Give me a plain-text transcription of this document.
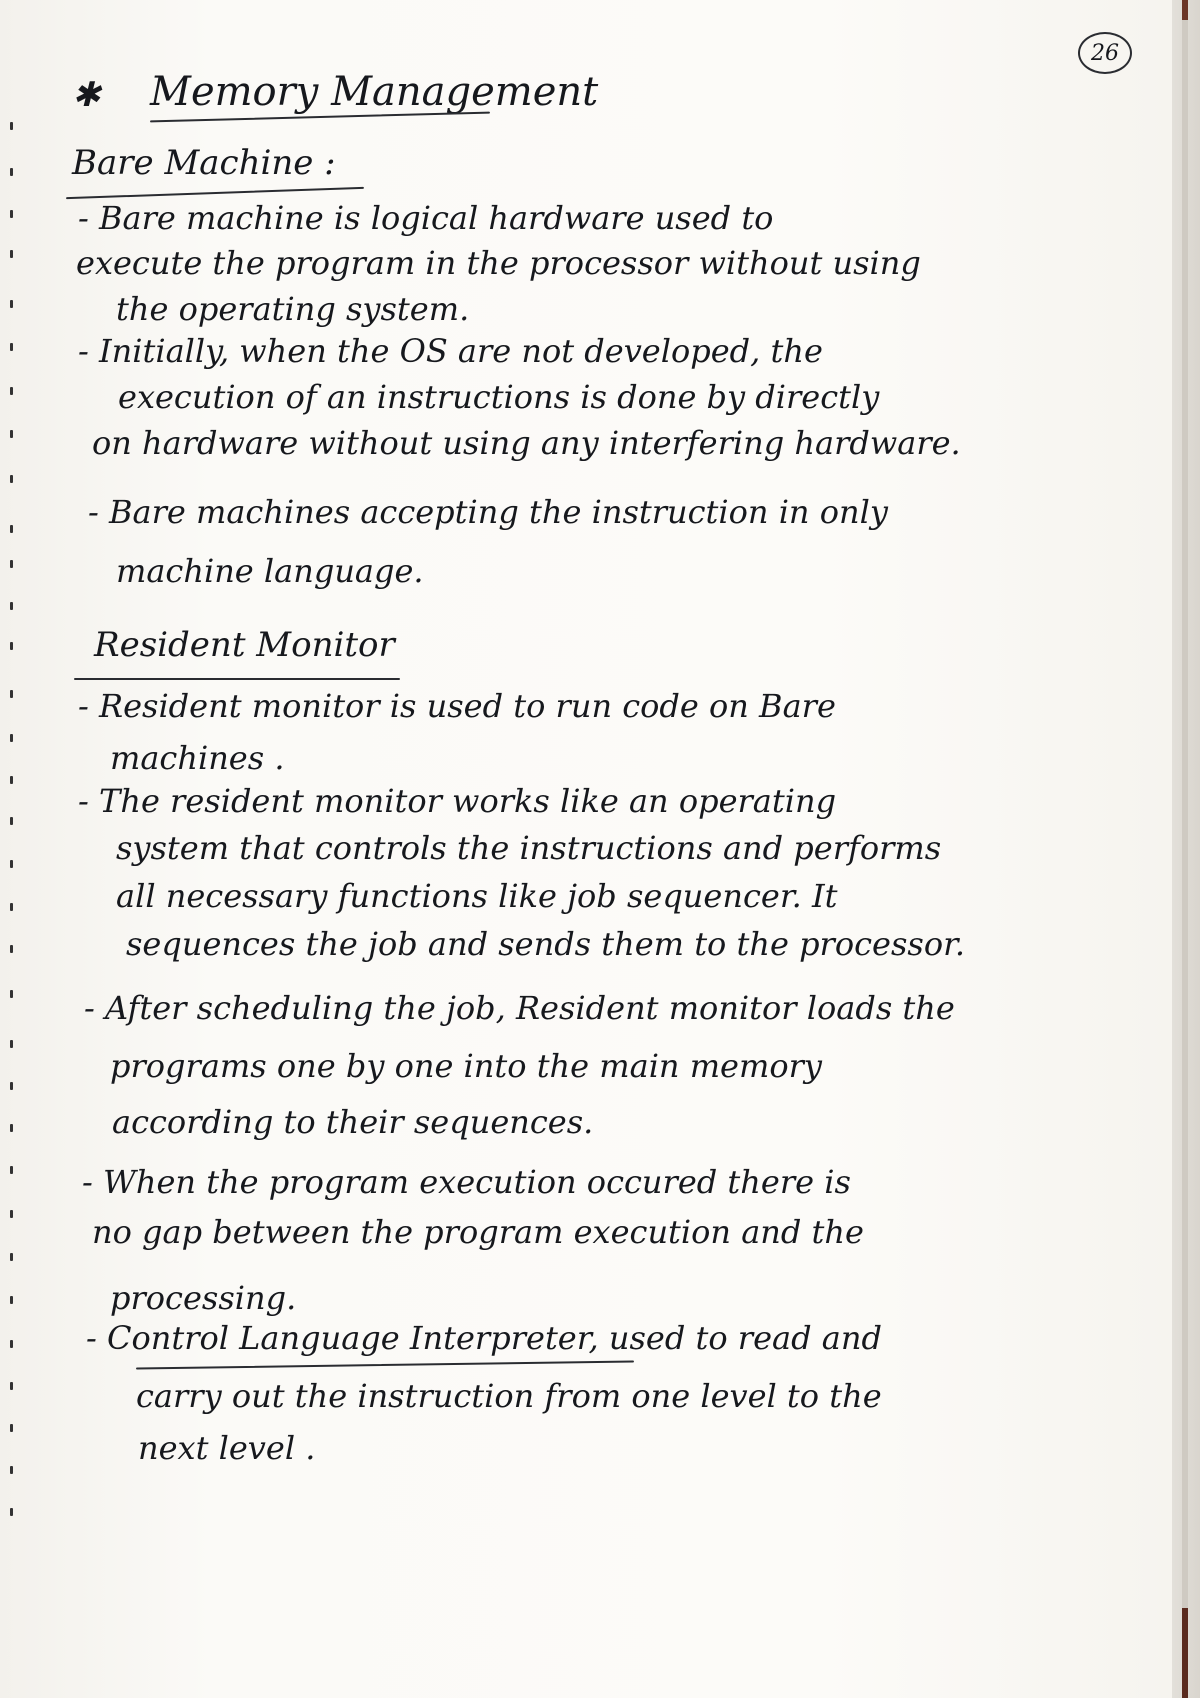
26
✱ Memory Management
Bare Machine :
- Bare machine is logical hardware used to
execute the program in the processor without using
the operating system.
- Initially, when the OS are not developed, the
execution of an instructions is done by directly
on hardware without using any interfering hardware.
- Bare machines accepting the instruction in only
machine language.
Resident Monitor
- Resident monitor is used to run code on Bare
machines .
- The resident monitor works like an operating
system that controls the instructions and performs
all necessary functions like job sequencer. It
sequences the job and sends them to the processor.
- After scheduling the job, Resident monitor loads the
programs one by one into the main memory
according to their sequences.
- When the program execution occured there is
no gap between the program execution and the
processing.
- Control Language Interpreter, used to read and
carry out the instruction from one level to the
next level .
